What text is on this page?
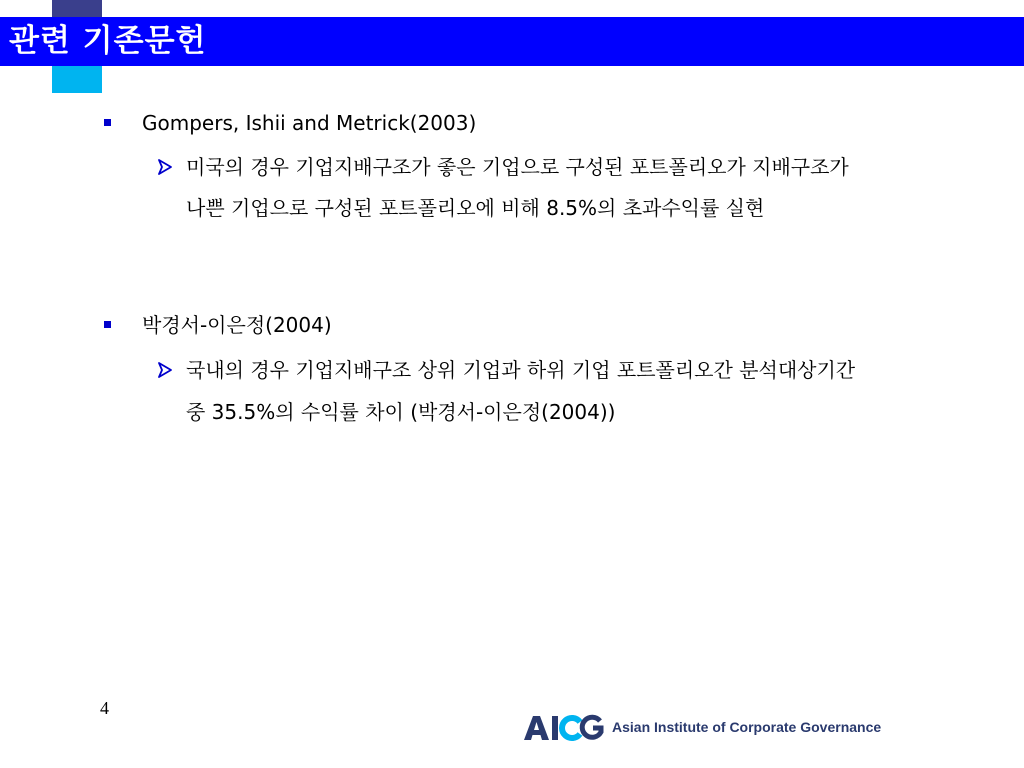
관련 기존문헌
Gompers, Ishii and Metrick(2003)
미국의 경우 기업지배구조가 좋은 기업으로 구성된 포트폴리오가 지배구조가
나쁜 기업으로 구성된 포트폴리오에 비해 8.5%의 초과수익률 실현
박경서-이은정(2004)
국내의 경우 기업지배구조 상위 기업과 하위 기업 포트폴리오간 분석대상기간
중 35.5%의 수익률 차이 (박경서-이은정(2004))
4
Asian Institute of Corporate Governance
